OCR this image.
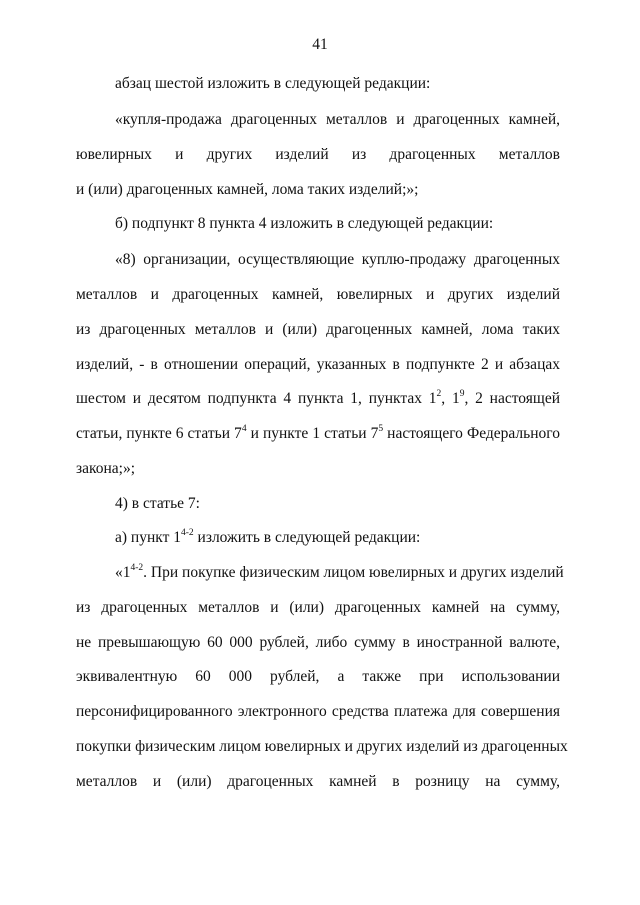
41
абзац шестой изложить в следующей редакции:
«купля-продажа драгоценных металлов и драгоценных камней,
ювелирных и других изделий из драгоценных металлов
и (или) драгоценных камней, лома таких изделий;»;
б) подпункт 8 пункта 4 изложить в следующей редакции:
«8) организации, осуществляющие куплю-продажу драгоценных
металлов и драгоценных камней, ювелирных и других изделий
из драгоценных металлов и (или) драгоценных камней, лома таких
изделий, - в отношении операций, указанных в подпункте 2 и абзацах
шестом и десятом подпункта 4 пункта 1, пунктах $1^2$, $1^9$, 2 настоящей
статьи, пункте 6 статьи $7^4$ и пункте 1 статьи $7^5$ настоящего Федерального
закона;»;
4) в статье 7:
а) пункт 1$^{4-2}$ изложить в следующей редакции:
«1$^{4-2}$. При покупке физическим лицом ювелирных и других изделий
из драгоценных металлов и (или) драгоценных камней на сумму,
не превышающую 60 000 рублей, либо сумму в иностранной валюте,
эквивалентную 60 000 рублей, а также при использовании
персонифицированного электронного средства платежа для совершения
покупки физическим лицом ювелирных и других изделий из драгоценных
металлов и (или) драгоценных камней в розницу на сумму,
